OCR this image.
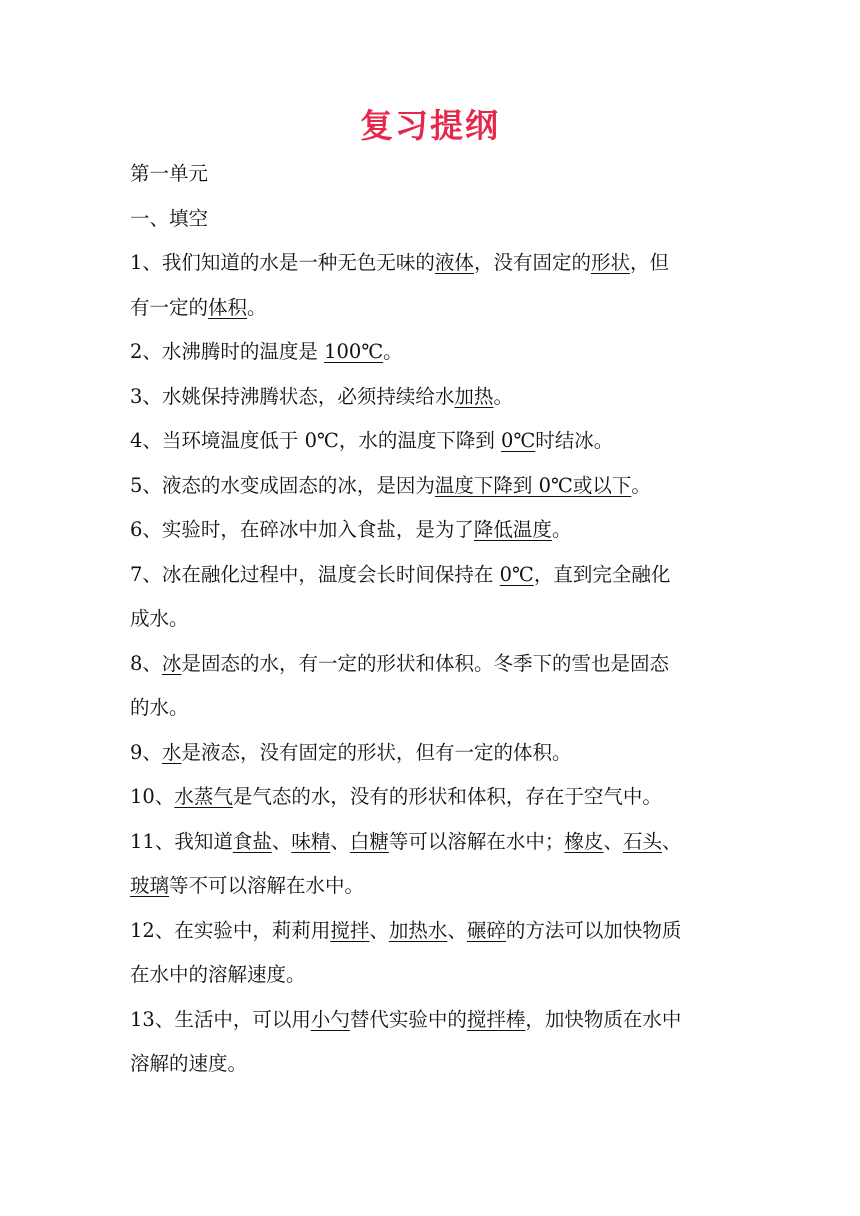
复习提纲
第一单元
一、填空
1、我们知道的水是一种无色无味的液体，没有固定的形状，但
有一定的体积。
2、水沸腾时的温度是 100℃。
3、水姚保持沸腾状态，必须持续给水加热。
4、当环境温度低于 0℃，水的温度下降到 0℃时结冰。
5、液态的水变成固态的冰，是因为温度下降到 0℃或以下。
6、实验时，在碎冰中加入食盐，是为了降低温度。
7、冰在融化过程中，温度会长时间保持在 0℃，直到完全融化
成水。
8、冰是固态的水，有一定的形状和体积。冬季下的雪也是固态
的水。
9、水是液态，没有固定的形状，但有一定的体积。
10、水蒸气是气态的水，没有的形状和体积，存在于空气中。
11、我知道食盐、味精、白糖等可以溶解在水中；橡皮、石头、
玻璃等不可以溶解在水中。
12、在实验中，莉莉用搅拌、加热水、碾碎的方法可以加快物质
在水中的溶解速度。
13、生活中，可以用小勺替代实验中的搅拌棒，加快物质在水中
溶解的速度。
